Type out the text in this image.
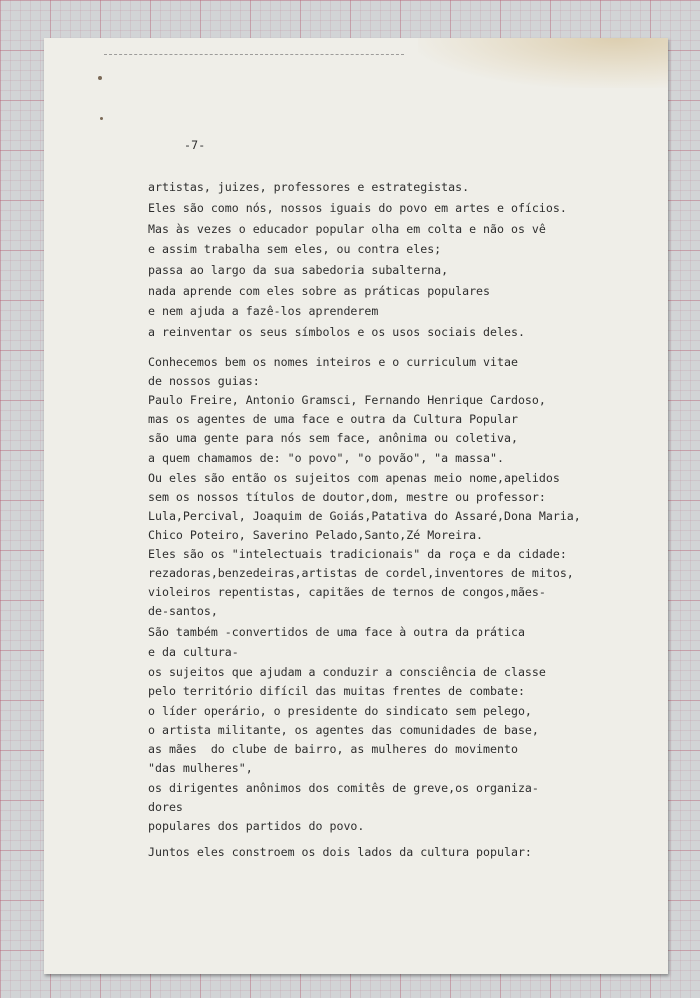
-7-
artistas, juizes, professores e estrategistas.
Eles são como nós, nossos iguais do povo em artes e ofícios.
Mas às vezes o educador popular olha em colta e não os vê
e assim trabalha sem eles, ou contra eles;
passa ao largo da sua sabedoria subalterna,
nada aprende com eles sobre as práticas populares
e nem ajuda a fazê-los aprenderem
a reinventar os seus símbolos e os usos sociais deles.
Conhecemos bem os nomes inteiros e o curriculum vitae
de nossos guias:
Paulo Freire, Antonio Gramsci, Fernando Henrique Cardoso,
mas os agentes de uma face e outra da Cultura Popular
são uma gente para nós sem face, anônima ou coletiva,
a quem chamamos de: "o povo", "o povão", "a massa".
Ou eles são então os sujeitos com apenas meio nome,apelidos
sem os nossos títulos de doutor,dom, mestre ou professor:
Lula,Percival, Joaquim de Goiás,Patativa do Assaré,Dona Maria,
Chico Poteiro, Saverino Pelado,Santo,Zé Moreira.
Eles são os "intelectuais tradicionais" da roça e da cidade:
rezadoras,benzedeiras,artistas de cordel,inventores de mitos,
violeiros repentistas, capitães de ternos de congos,mães-
de-santos,
São também -convertidos de uma face à outra da prática
e da cultura-
os sujeitos que ajudam a conduzir a consciência de classe
pelo território difícil das muitas frentes de combate:
o líder operário, o presidente do sindicato sem pelego,
o artista militante, os agentes das comunidades de base,
as mães  do clube de bairro, as mulheres do movimento
"das mulheres",
os dirigentes anônimos dos comitês de greve,os organiza-
dores
populares dos partidos do povo.
Juntos eles constroem os dois lados da cultura popular:
